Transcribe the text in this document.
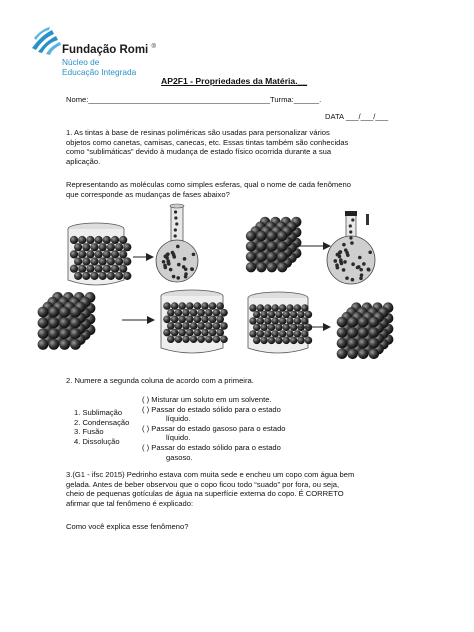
Fundação Romi ®
Núcleo de
Educação Integrada
AP2F1 - Propriedades da Matéria.__
Nome:___________________________________________Turma:______.
DATA ___/___/___
1. As tintas à base de resinas poliméricas são usadas para personalizar vários
objetos como canetas, camisas, canecas, etc. Essas tintas também são conhecidas
como “sublimáticas” devido à mudança de estado físico ocorrida durante a sua
aplicação.
Representando as moléculas como simples esferas, qual o nome de cada fenômeno
que corresponde as mudanças de fases abaixo?
2. Numere a segunda coluna de acordo com a primeira.
1. Sublimação
2. Condensação
3. Fusão
4. Dissolução
( ) Misturar um soluto em um solvente.
( ) Passar do estado sólido para o estado
líquido.
( ) Passar do estado gasoso para o estado
líquido.
( ) Passar do estado sólido para o estado
gasoso.
3.(G1 - ifsc 2015) Pedrinho estava com muita sede e encheu um copo com água bem
gelada. Antes de beber observou que o copo ficou todo “suado” por fora, ou seja,
cheio de pequenas gotículas de água na superfície externa do copo. É CORRETO
afirmar que tal fenômeno é explicado:
Como você explica esse fenômeno?
